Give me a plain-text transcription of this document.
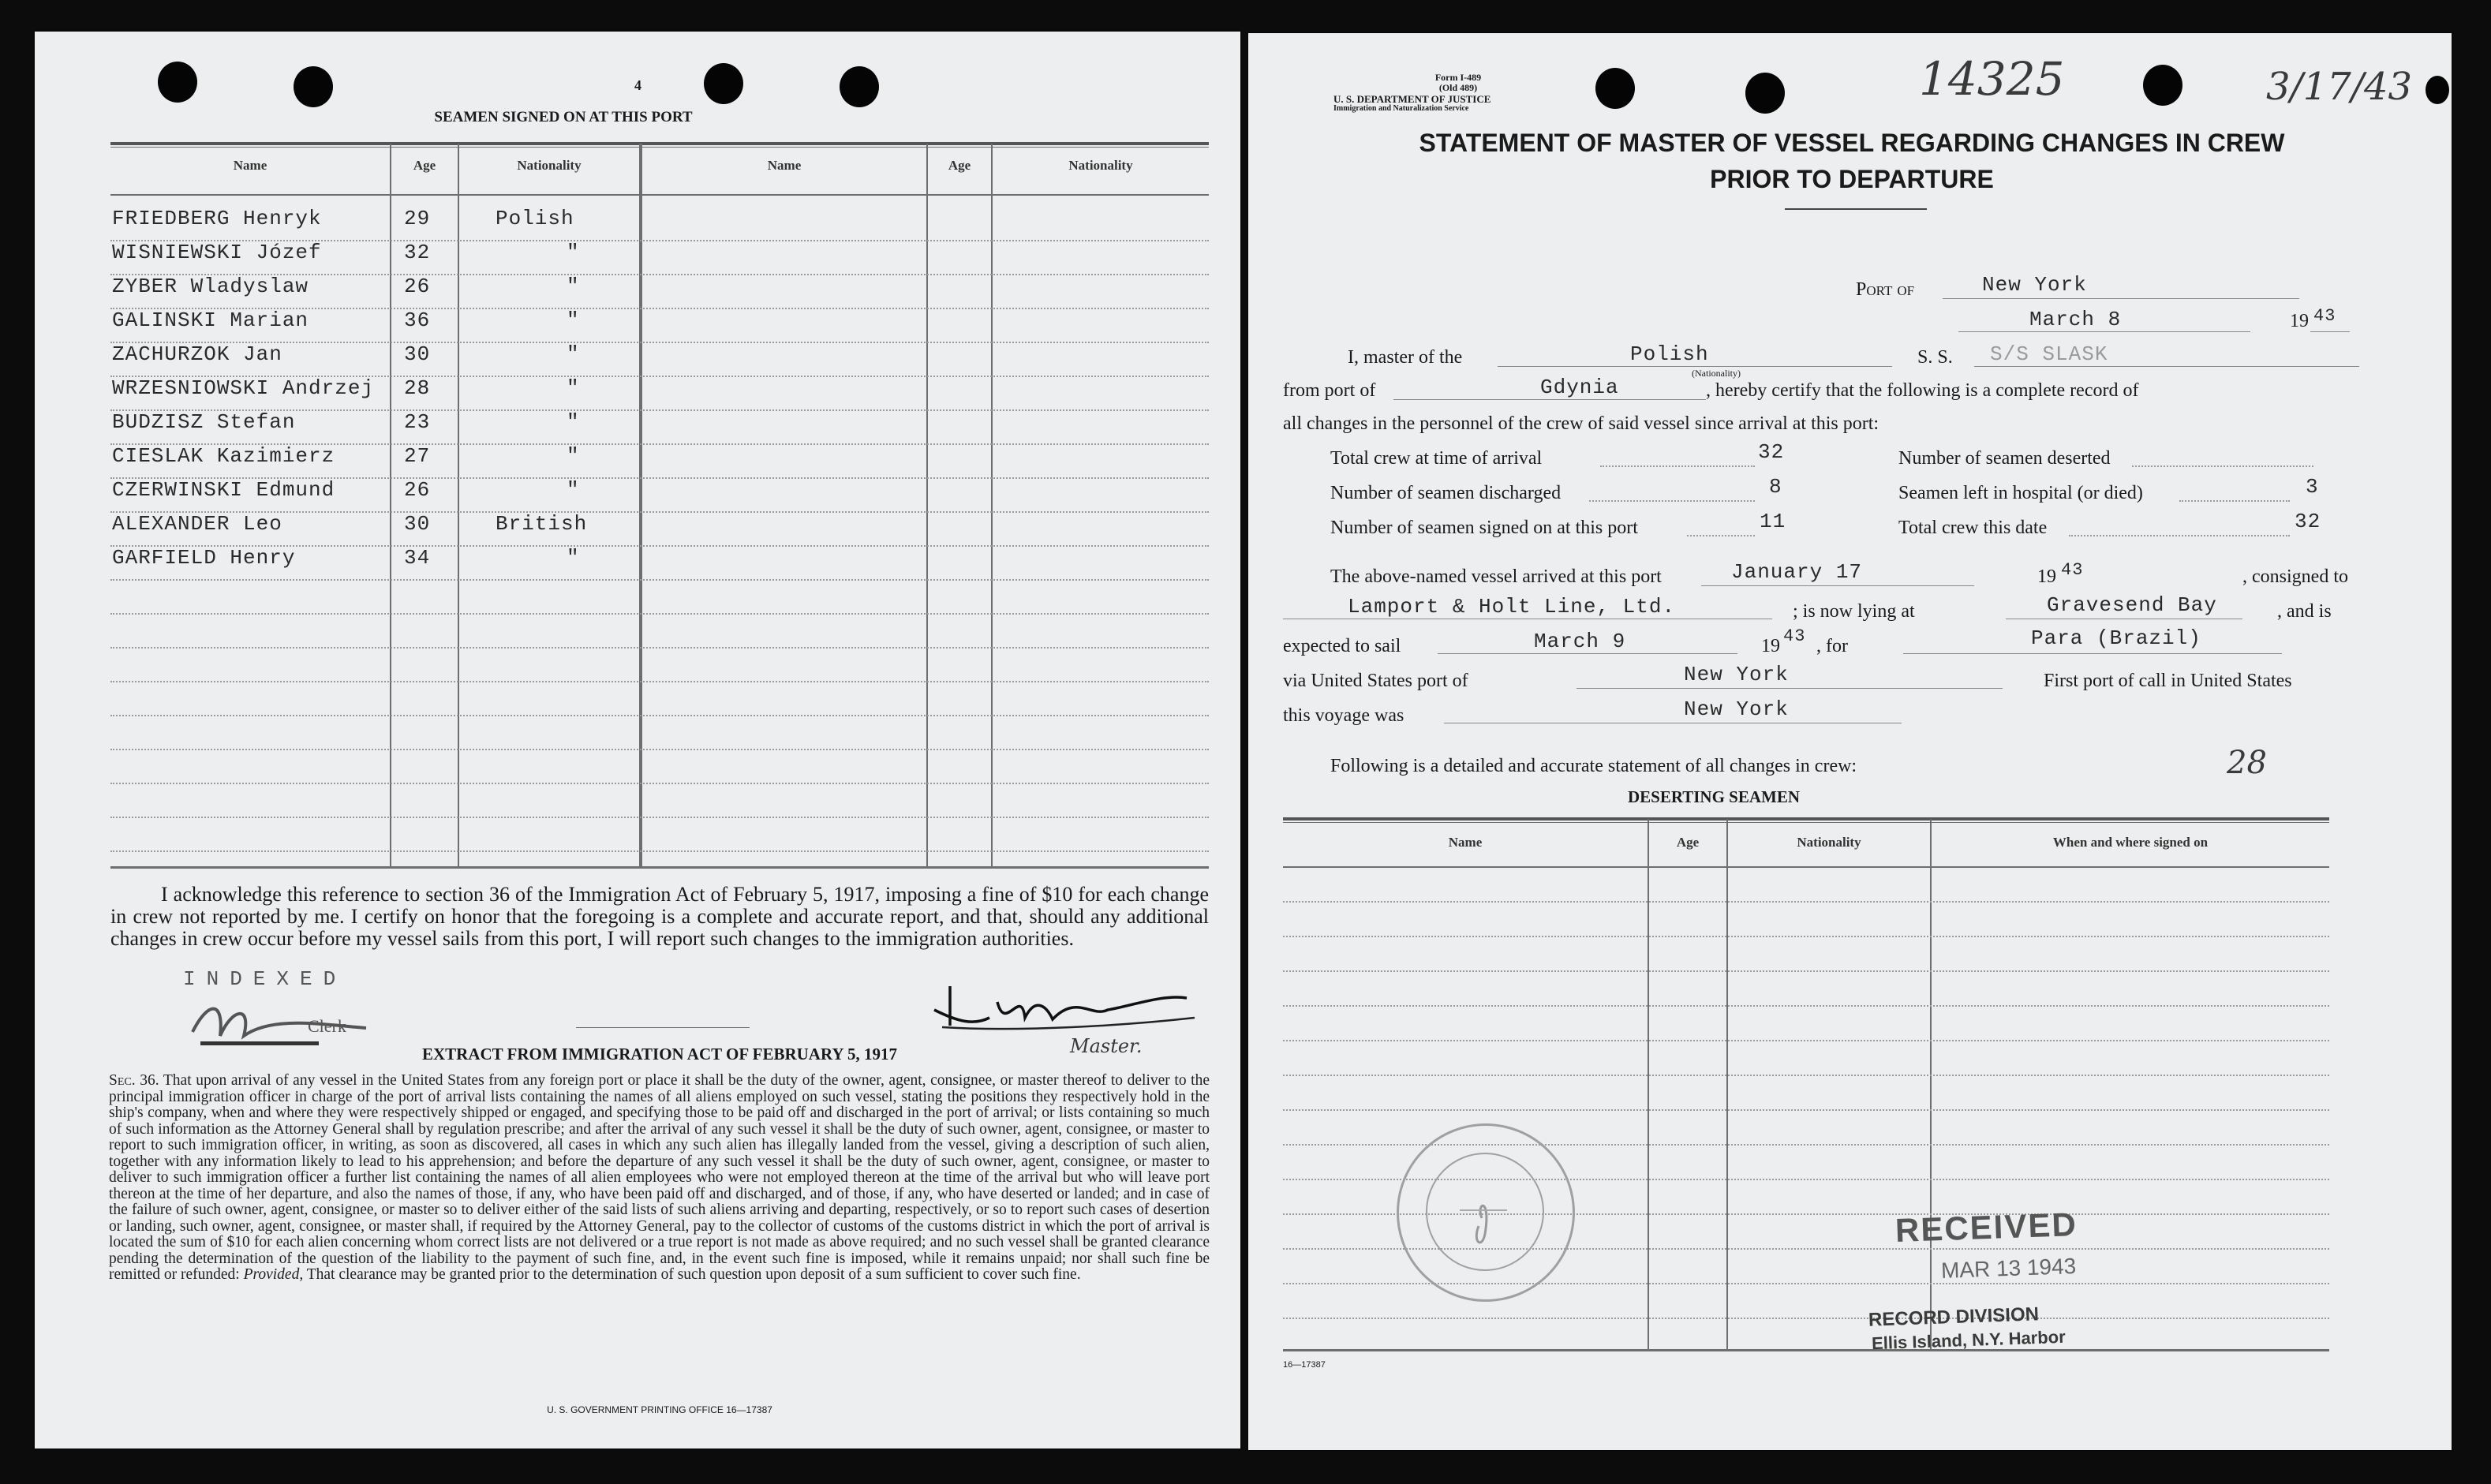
4
SEAMEN SIGNED ON AT THIS PORT
Name	Age	Nationality	Name	Age	Nationality
FRIEDBERG Henryk	29	Polish
WISNIEWSKI Józef	32	"
ZYBER Wladyslaw	26	"
GALINSKI Marian	36	"
ZACHURZOK Jan	30	"
WRZESNIOWSKI Andrzej 28	"
BUDZISZ Stefan	23	"
CIESLAK Kazimierz	27	"
CZERWINSKI Edmund	26	"
ALEXANDER Leo	30	British
GARFIELD Henry	34	"
I acknowledge this reference to section 36 of the Immigration Act of February 5, 1917, imposing a fine of $10 for each change in crew not reported by me. I certify on honor that the foregoing is a complete and accurate report, and that, should any additional changes in crew occur before my vessel sails from this port, I will report such changes to the immigration authorities.
INDEXED
Clerk
Master.
EXTRACT FROM IMMIGRATION ACT OF FEBRUARY 5, 1917
Sec. 36. That upon arrival of any vessel in the United States from any foreign port or place it shall be the duty of the owner, agent, consignee, or master thereof to deliver to the principal immigration officer in charge of the port of arrival lists containing the names of all aliens employed on such vessel, stating the positions they respectively hold in the ship's company, when and where they were respectively shipped or engaged, and specifying those to be paid off and discharged in the port of arrival; or lists containing so much of such information as the Attorney General shall by regulation prescribe; and after the arrival of any such vessel it shall be the duty of such owner, agent, consignee, or master to report to such immigration officer, in writing, as soon as discovered, all cases in which any such alien has illegally landed from the vessel, giving a description of such alien, together with any information likely to lead to his apprehension; and before the departure of any such vessel it shall be the duty of such owner, agent, consignee, or master to deliver to such immigration officer a further list containing the names of all alien employees who were not employed thereon at the time of the arrival but who will leave port thereon at the time of her departure, and also the names of those, if any, who have been paid off and discharged, and of those, if any, who have deserted or landed; and in case of the failure of such owner, agent, consignee, or master so to deliver either of the said lists of such aliens arriving and departing, respectively, or so to report such cases of desertion or landing, such owner, agent, consignee, or master shall, if required by the Attorney General, pay to the collector of customs of the customs district in which the port of arrival is located the sum of $10 for each alien concerning whom correct lists are not delivered or a true report is not made as above required; and no such vessel shall be granted clearance pending the determination of the question of the liability to the payment of such fine, and, in the event such fine is imposed, while it remains unpaid; nor shall such fine be remitted or refunded: Provided, That clearance may be granted prior to the determination of such question upon deposit of a sum sufficient to cover such fine.
U. S. GOVERNMENT PRINTING OFFICE 16—17387
Form I-489
(Old 489)
U. S. DEPARTMENT OF JUSTICE
Immigration and Naturalization Service
14325	3/17/43
STATEMENT OF MASTER OF VESSEL REGARDING CHANGES IN CREW
PRIOR TO DEPARTURE
Port of	New York
March 8	19 43
I, master of the	Polish
(Nationality)
S. S. S/S SLASK
from port of	Gdynia	, hereby certify that the following is a complete record of
all changes in the personnel of the crew of said vessel since arrival at this port:
Total crew at time of arrival	32
Number of seamen discharged	8
Number of seamen signed on at this port	11
Number of seamen deserted
Seamen left in hospital (or died)	3
Total crew this date	32
The above-named vessel arrived at this port	January 17	19 43	, consigned to
Lamport & Holt Line, Ltd.	; is now lying at	Gravesend Bay	, and is
expected to sail	March 9	19 43 , for	Para (Brazil)
via United States port of	New York	First port of call in United States
this voyage was	New York
Following is a detailed and accurate statement of all changes in crew:	28
DESERTING SEAMEN
Name	Age	Nationality	When and where signed on
RECEIVED
MAR 13 1943
RECORD DIVISION
Ellis Island, N.Y. Harbor
16—17387
